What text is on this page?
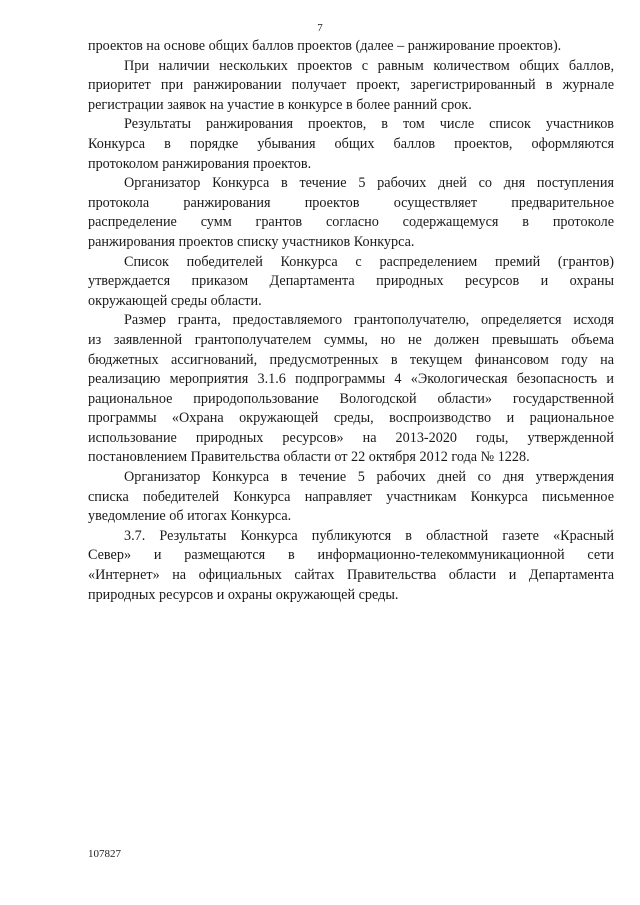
7

проектов на основе общих баллов проектов (далее – ранжирование проектов).

При наличии нескольких проектов с равным количеством общих баллов,
приоритет при ранжировании получает проект, зарегистрированный в журнале
регистрации заявок на участие в конкурсе в более ранний срок.

Результаты ранжирования проектов, в том числе список участников
Конкурса в порядке убывания общих баллов проектов, оформляются
протоколом ранжирования проектов.

Организатор Конкурса в течение 5 рабочих дней со дня поступления
протокола ранжирования проектов осуществляет предварительное
распределение сумм грантов согласно содержащемуся в протоколе
ранжирования проектов списку участников Конкурса.

Список победителей Конкурса с распределением премий (грантов)
утверждается приказом Департамента природных ресурсов и охраны
окружающей среды области.

Размер гранта, предоставляемого грантополучателю, определяется исходя
из заявленной грантополучателем суммы, но не должен превышать объема
бюджетных ассигнований, предусмотренных в текущем финансовом году на
реализацию мероприятия 3.1.6 подпрограммы 4 «Экологическая безопасность и
рациональное природопользование Вологодской области» государственной
программы «Охрана окружающей среды, воспроизводство и рациональное
использование природных ресурсов» на 2013-2020 годы, утвержденной
постановлением Правительства области от 22 октября 2012 года № 1228.

Организатор Конкурса в течение 5 рабочих дней со дня утверждения
списка победителей Конкурса направляет участникам Конкурса письменное
уведомление об итогах Конкурса.

3.7. Результаты Конкурса публикуются в областной газете «Красный
Север» и размещаются в информационно-телекоммуникационной сети
«Интернет» на официальных сайтах Правительства области и Департамента
природных ресурсов и охраны окружающей среды.

107827
